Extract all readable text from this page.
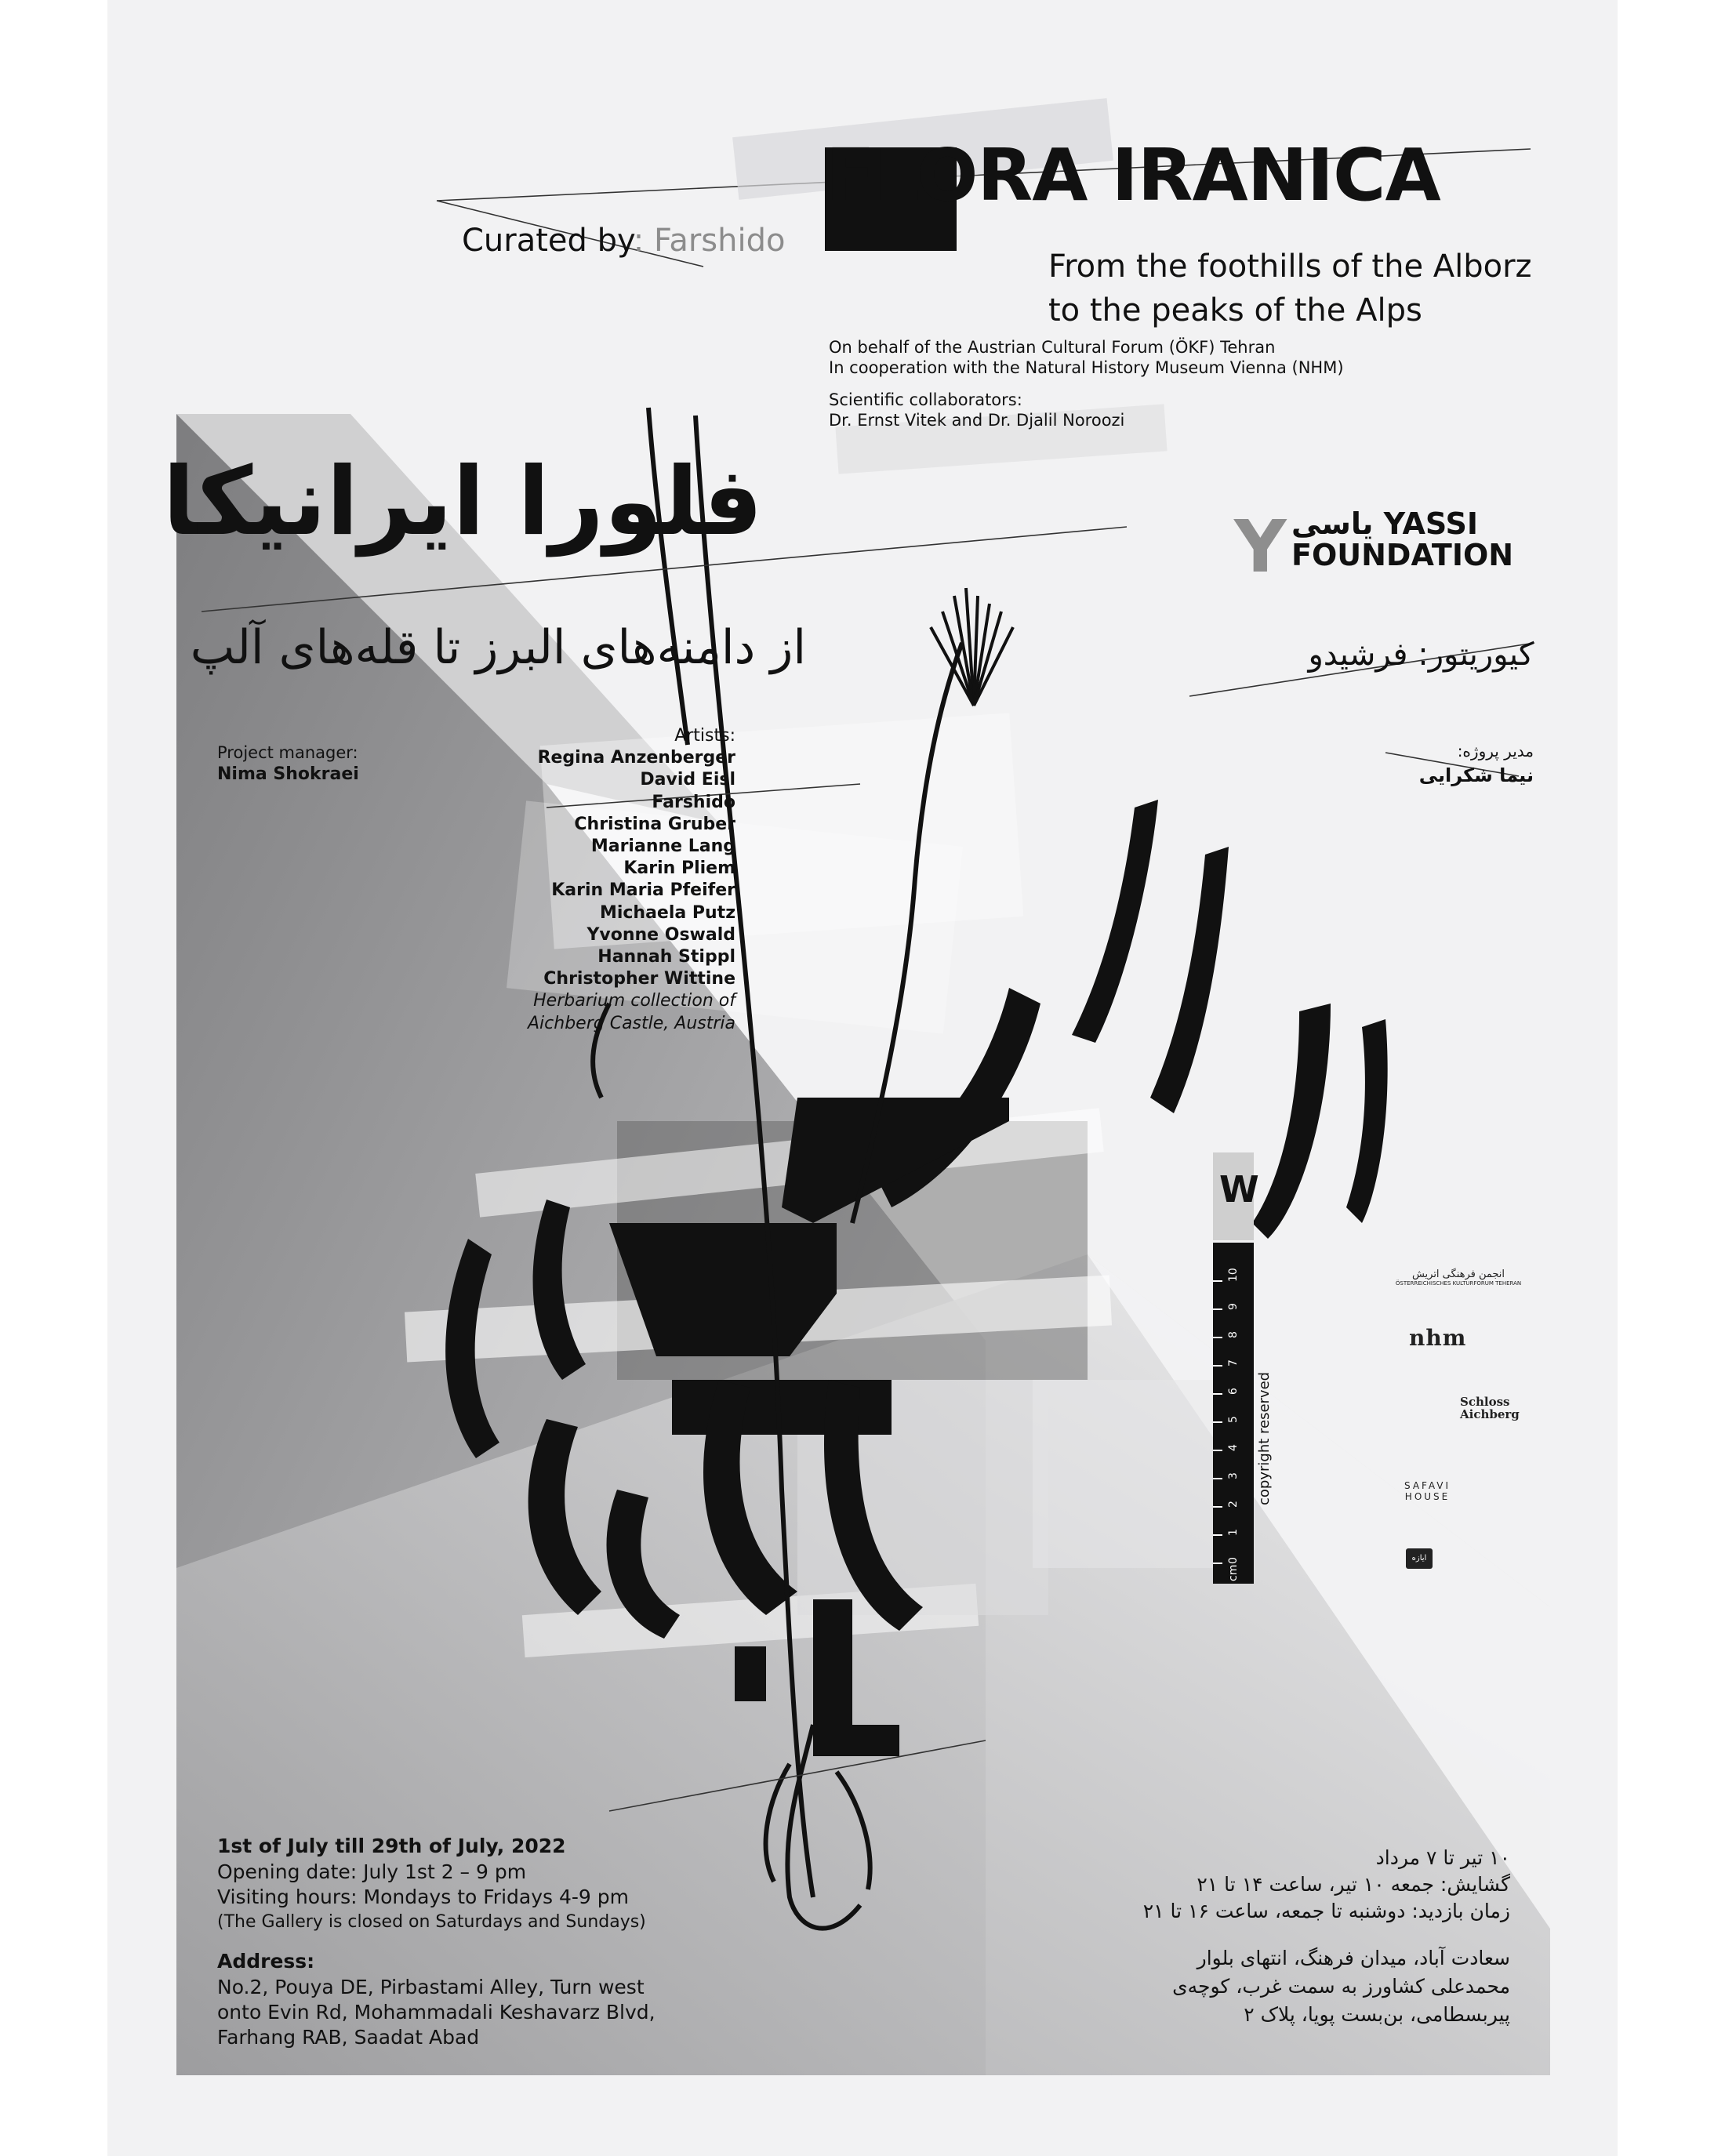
FLORA IRANICA
From the foothills of the Alborz
to the peaks of the Alps
Curated by: Farshido
On behalf of the Austrian Cultural Forum (ÖKF) Tehran
In cooperation with the Natural History Museum Vienna (NHM)
Scientific collaborators:
Dr. Ernst Vitek and Dr. Djalil Noroozi
فلورا ایرانیکا
از دامنه‌های البرز تا قله‌های آلپ
Y یاسی YASSI
FOUNDATION
کیوریتور: فرشیدو
مدیر پروژه:
نیما شکرایی
Project manager:
Nima Shokraei
Artists:
Regina Anzenberger
David Eisl
Farshido
Christina Gruber
Marianne Lang
Karin Pliem
Karin Maria Pfeifer
Michaela Putz
Yvonne Oswald
Hannah Stippl
Christopher Wittine
Herbarium collection of
Aichberg Castle, Austria
W
0
1
2
3
4
5
6
7
8
9
10
cm
copyright reserved
انجمن فرهنگی اتریش
ÖSTERREICHISCHES KULTURFORUM TEHERAN
nhm
Schloss
Aichberg
SAFAVI
HOUSE
ایازه
1st of July till 29th of July, 2022
Opening date: July 1st 2 – 9 pm
Visiting hours: Mondays to Fridays 4-9 pm
(The Gallery is closed on Saturdays and Sundays)
Address:
No.2, Pouya DE, Pirbastami Alley, Turn west
onto Evin Rd, Mohammadali Keshavarz Blvd,
Farhang RAB, Saadat Abad
۱۰ تیر تا ۷ مرداد
گشایش: جمعه ۱۰ تیر، ساعت ۱۴ تا ۲۱
زمان بازدید: دوشنبه تا جمعه، ساعت ۱۶ تا ۲۱
سعادت آباد، میدان فرهنگ، انتهای بلوار
محمدعلی کشاورز به سمت غرب، کوچه‌ی
پیربسطامی، بن‌بست پویا، پلاک ۲
